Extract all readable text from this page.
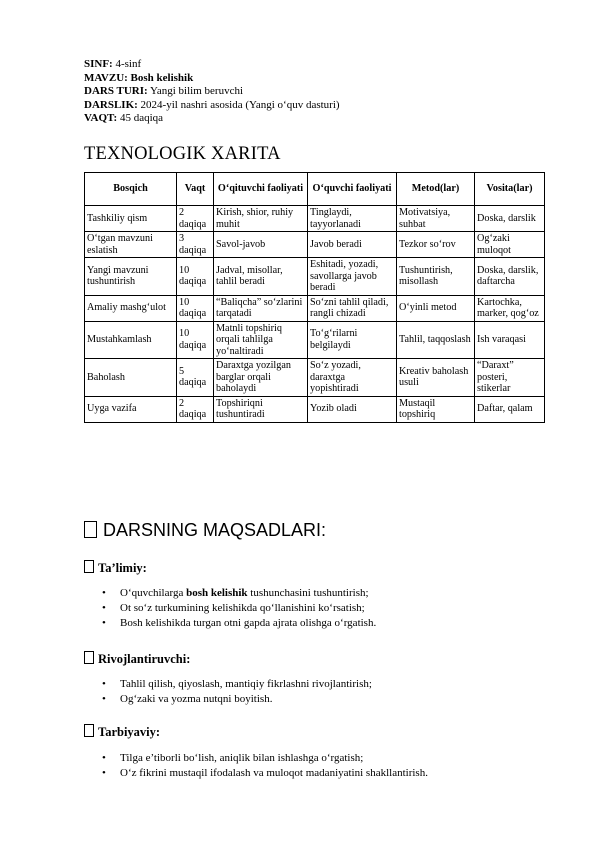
SINF: 4-sinf
MAVZU: Bosh kelishik
DARS TURI: Yangi bilim beruvchi
DARSLIK: 2024-yil nashri asosida (Yangi o‘quv dasturi)
VAQT: 45 daqiqa
TEXNOLOGIK XARITA
Bosqich	Vaqt	O‘qituvchi faoliyati	O‘quvchi faoliyati	Metod(lar)	Vosita(lar)
Tashkiliy qism	2 daqiqa	Kirish, shior, ruhiy muhit	Tinglaydi, tayyorlanadi	Motivatsiya, suhbat	Doska, darslik
O‘tgan mavzuni eslatish	3 daqiqa	Savol-javob	Javob beradi	Tezkor so‘rov	Og‘zaki muloqot
Yangi mavzuni tushuntirish	10 daqiqa	Jadval, misollar, tahlil beradi	Eshitadi, yozadi, savollarga javob beradi	Tushuntirish, misollash	Doska, darslik, daftarcha
Amaliy mashg‘ulot	10 daqiqa	“Baliqcha” so‘zlarini tarqatadi	So‘zni tahlil qiladi, rangli chizadi	O‘yinli metod	Kartochka, marker, qog‘oz
Mustahkamlash	10 daqiqa	Matnli topshiriq orqali tahlilga yo‘naltiradi	To‘g‘rilarni belgilaydi	Tahlil, taqqoslash	Ish varaqasi
Baholash	5 daqiqa	Daraxtga yozilgan barglar orqali baholaydi	So‘z yozadi, daraxtga yopishtiradi	Kreativ baholash usuli	“Daraxt” posteri, stikerlar
Uyga vazifa	2 daqiqa	Topshiriqni tushuntiradi	Yozib oladi	Mustaqil topshiriq	Daftar, qalam
DARSNING MAQSADLARI:
Ta’limiy:
• O‘quvchilarga bosh kelishik tushunchasini tushuntirish;
• Ot so‘z turkumining kelishikda qo‘llanishini ko‘rsatish;
• Bosh kelishikda turgan otni gapda ajrata olishga o‘rgatish.
Rivojlantiruvchi:
• Tahlil qilish, qiyoslash, mantiqiy fikrlashni rivojlantirish;
• Og‘zaki va yozma nutqni boyitish.
Tarbiyaviy:
• Tilga e’tiborli bo‘lish, aniqlik bilan ishlashga o‘rgatish;
• O‘z fikrini mustaqil ifodalash va muloqot madaniyatini shakllantirish.
